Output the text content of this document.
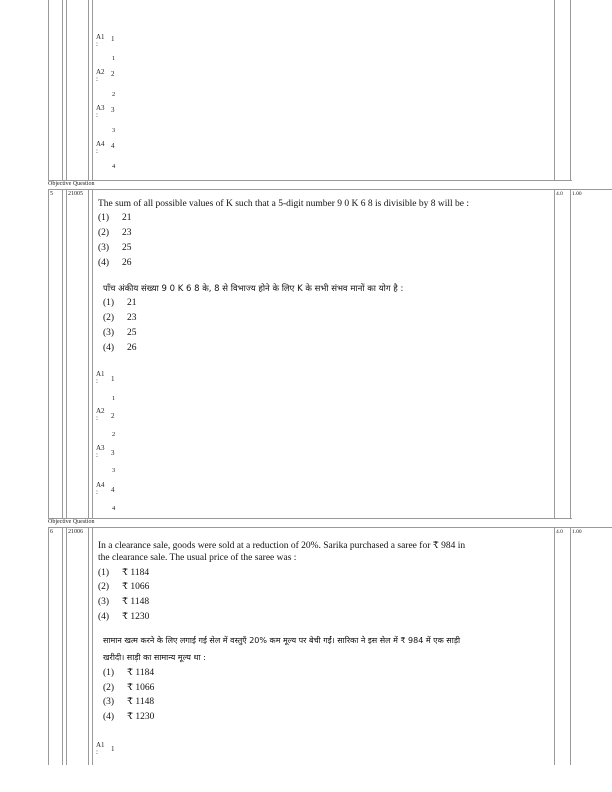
A1
:
1
1
A2
:
2
2
A3
:
3
3
A4
:
4
4
Objective Question
5	21005	4.0 1.00
The sum of all possible values of K such that a 5-digit number 9 0 K 6 8 is divisible by 8 will be :
(1) 21
(2) 23
(3) 25
(4) 26
पाँच अंकीय संख्या 9 0 K 6 8 के, 8 से विभाज्य होने के लिए K के सभी संभव मानों का योग है :
(1) 21
(2) 23
(3) 25
(4) 26
A1
: 1
1
A2
: 2
2
A3
: 3
3
A4
: 4
4
Objective Question
6	21006	4.0 1.00
In a clearance sale, goods were sold at a reduction of 20%. Sarika purchased a saree for ₹ 984 in
the clearance sale. The usual price of the saree was :
(1) ₹ 1184
(2) ₹ 1066
(3) ₹ 1148
(4) ₹ 1230
सामान खत्म करने के लिए लगाई गई सेल में वस्तुएँ 20% कम मूल्य पर बेची गईं। सारिका ने इस सेल में ₹ 984 में एक साड़ी
खरीदी। साड़ी का सामान्य मूल्य था :
(1) ₹ 1184
(2) ₹ 1066
(3) ₹ 1148
(4) ₹ 1230
A1
: 1
